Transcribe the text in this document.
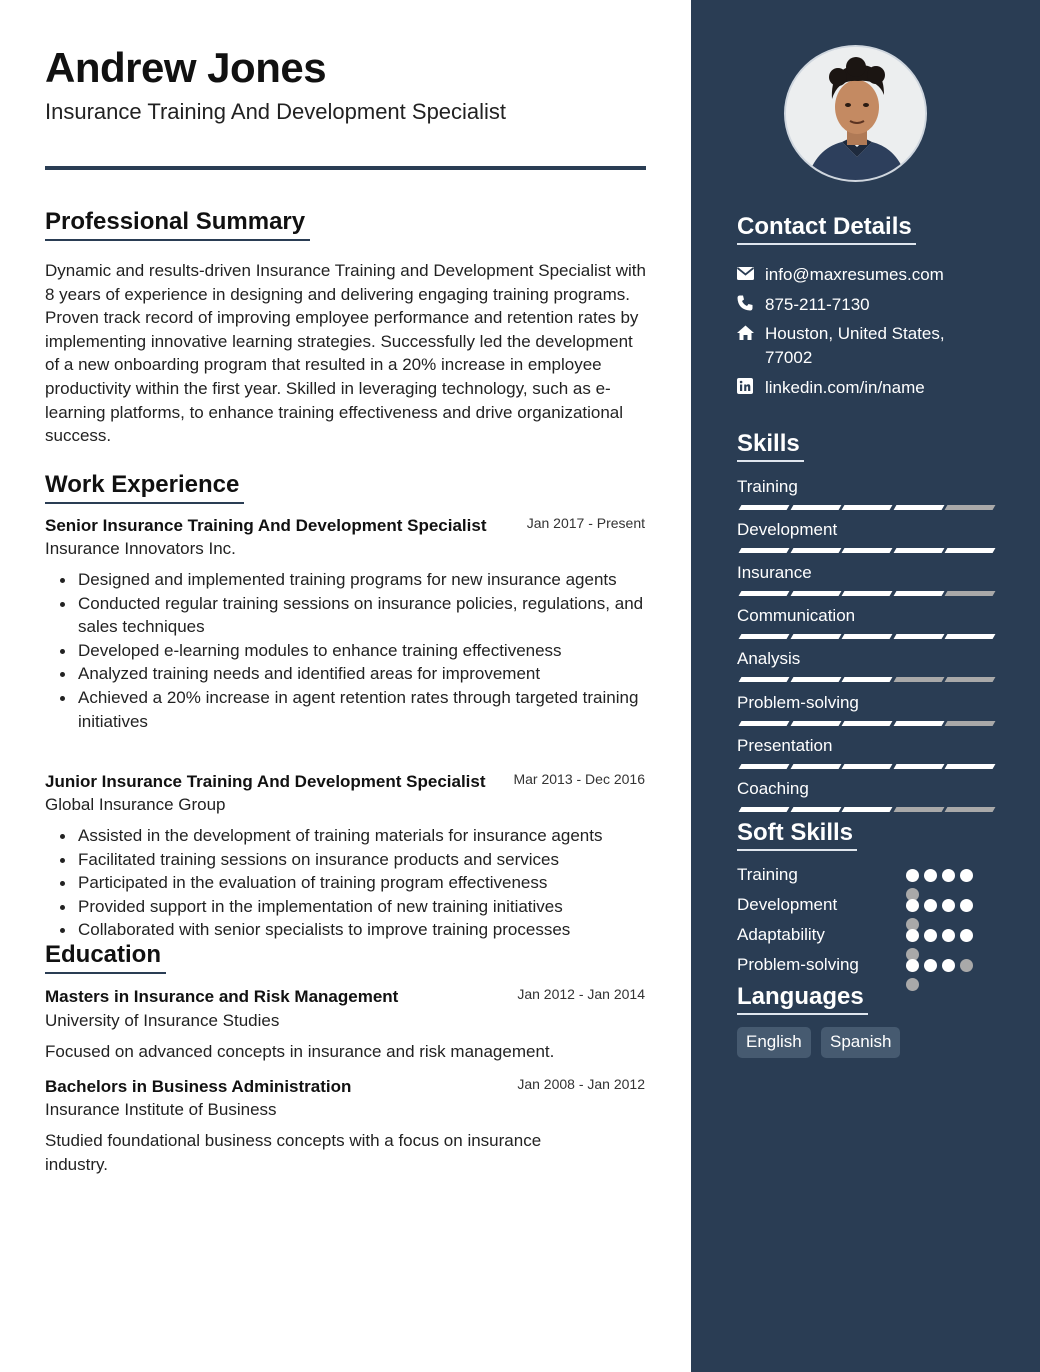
Andrew Jones
Insurance Training And Development Specialist
Professional Summary
Dynamic and results-driven Insurance Training and Development Specialist with 8 years of experience in designing and delivering engaging training programs. Proven track record of improving employee performance and retention rates by implementing innovative learning strategies. Successfully led the development of a new onboarding program that resulted in a 20% increase in employee productivity within the first year. Skilled in leveraging technology, such as e-learning platforms, to enhance training effectiveness and drive organizational success.
Work Experience
Senior Insurance Training And Development Specialist	Jan 2017 - Present
Insurance Innovators Inc.
Designed and implemented training programs for new insurance agents
Conducted regular training sessions on insurance policies, regulations, and sales techniques
Developed e-learning modules to enhance training effectiveness
Analyzed training needs and identified areas for improvement
Achieved a 20% increase in agent retention rates through targeted training initiatives
Junior Insurance Training And Development Specialist Mar 2013 - Dec 2016
Global Insurance Group
Assisted in the development of training materials for insurance agents
Facilitated training sessions on insurance products and services
Participated in the evaluation of training program effectiveness
Provided support in the implementation of new training initiatives
Collaborated with senior specialists to improve training processes
Education
Masters in Insurance and Risk Management	Jan 2012 - Jan 2014
University of Insurance Studies
Focused on advanced concepts in insurance and risk management.
Bachelors in Business Administration	Jan 2008 - Jan 2012
Insurance Institute of Business
Studied foundational business concepts with a focus on insurance industry.
Contact Details
info@maxresumes.com
875-211-7130
Houston, United States, 77002
linkedin.com/in/name
Skills
Training
Development
Insurance
Communication
Analysis
Problem-solving
Presentation
Coaching
Soft Skills
Training
Development
Adaptability
Problem-solving
Languages
English	Spanish
